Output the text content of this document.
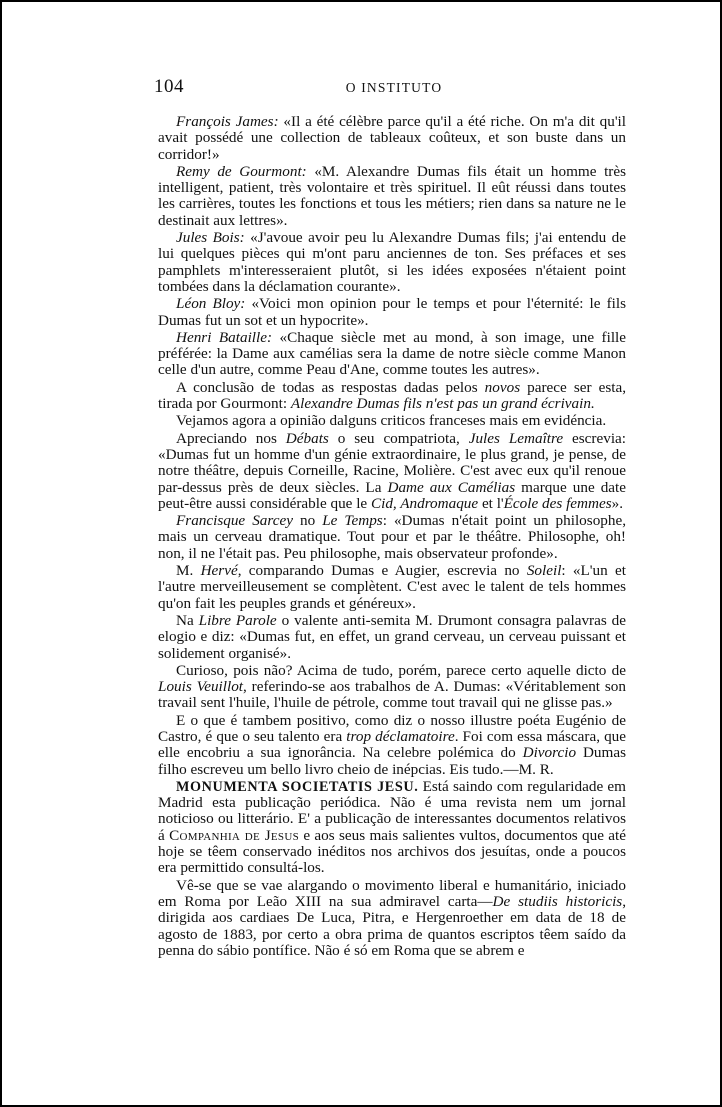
104	O INSTITUTO

François James: «Il a été célèbre parce qu'il a été riche. On m'a dit qu'il avait possédé une collection de tableaux coûteux, et son buste dans un corridor!»

Remy de Gourmont: «M. Alexandre Dumas fils était un homme très intelligent, patient, très volontaire et très spirituel. Il eût réussi dans toutes les carrières, toutes les fonctions et tous les métiers; rien dans sa nature ne le destinait aux lettres».

Jules Bois: «J'avoue avoir peu lu Alexandre Dumas fils; j'ai entendu de lui quelques pièces qui m'ont paru anciennes de ton. Ses préfaces et ses pamphlets m'interesseraient plutôt, si les idées exposées n'étaient point tombées dans la déclamation courante».

Léon Bloy: «Voici mon opinion pour le temps et pour l'éternité: le fils Dumas fut un sot et un hypocrite».

Henri Bataille: «Chaque siècle met au mond, à son image, une fille préférée: la Dame aux camélias sera la dame de notre siècle comme Manon celle d'un autre, comme Peau d'Ane, comme toutes les autres».

A conclusão de todas as respostas dadas pelos novos parece ser esta, tirada por Gourmont: Alexandre Dumas fils n'est pas un grand écrivain.

Vejamos agora a opinião dalguns criticos franceses mais em evidéncia.

Apreciando nos Débats o seu compatriota, Jules Lemaître escrevia: «Dumas fut un homme d'un génie extraordinaire, le plus grand, je pense, de notre théâtre, depuis Corneille, Racine, Molière. C'est avec eux qu'il renoue par-dessus près de deux siècles. La Dame aux Camélias marque une date peut-être aussi considérable que le Cid, Andromaque et l'École des femmes».

Francisque Sarcey no Le Temps: «Dumas n'était point un philosophe, mais un cerveau dramatique. Tout pour et par le théâtre. Philosophe, oh! non, il ne l'était pas. Peu philosophe, mais observateur profonde».

M. Hervé, comparando Dumas e Augier, escrevia no Soleil: «L'un et l'autre merveilleusement se complètent. C'est avec le talent de tels hommes qu'on fait les peuples grands et généreux».

Na Libre Parole o valente anti-semita M. Drumont consagra palavras de elogio e diz: «Dumas fut, en effet, un grand cerveau, un cerveau puissant et solidement organisé».

Curioso, pois não? Acima de tudo, porém, parece certo aquelle dicto de Louis Veuillot, referindo-se aos trabalhos de A. Dumas: «Véritablement son travail sent l'huile, l'huile de pétrole, comme tout travail qui ne glisse pas.»

E o que é tambem positivo, como diz o nosso illustre poéta Eugénio de Castro, é que o seu talento era trop déclamatoire. Foi com essa máscara, que elle encobriu a sua ignorância. Na celebre polémica do Divorcio Dumas filho escreveu um bello livro cheio de inépcias. Eis tudo.—M. R.

MONUMENTA SOCIETATIS JESU. Está saindo com regularidade em Madrid esta publicação periódica. Não é uma revista nem um jornal noticioso ou litterário. E' a publicação de interessantes documentos relativos á Companhia de Jesus e aos seus mais salientes vultos, documentos que até hoje se têem conservado inéditos nos archivos dos jesuítas, onde a poucos era permittido consultá-los.

Vê-se que se vae alargando o movimento liberal e humanitário, iniciado em Roma por Leão XIII na sua admiravel carta—De studiis historicis, dirigida aos cardiaes De Luca, Pitra, e Hergenroether em data de 18 de agosto de 1883, por certo a obra prima de quantos escriptos têem saído da penna do sábio pontífice. Não é só em Roma que se abrem e
